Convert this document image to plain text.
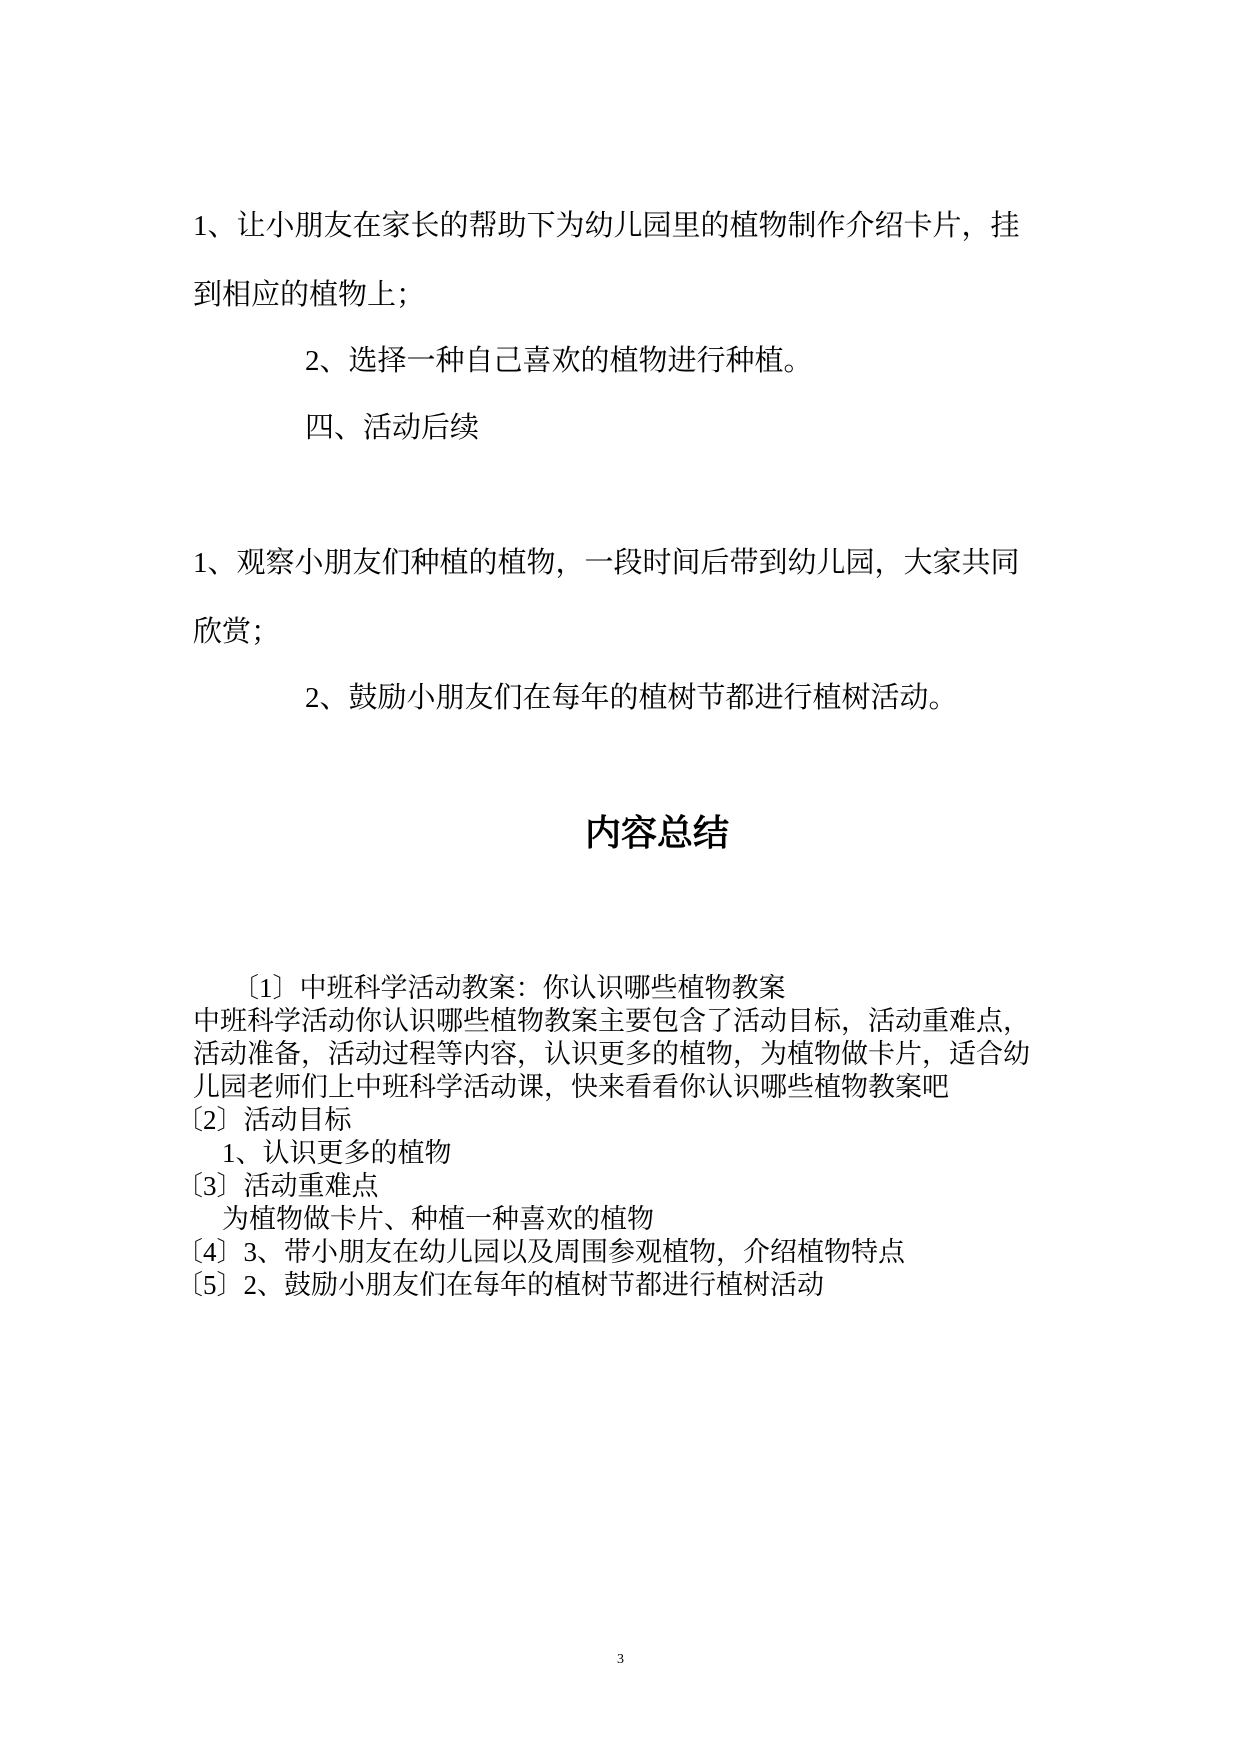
1、让小朋友在家长的帮助下为幼儿园里的植物制作介绍卡片，挂

到相应的植物上；

2、选择一种自己喜欢的植物进行种植。

四、活动后续

1、观察小朋友们种植的植物，一段时间后带到幼儿园，大家共同

欣赏；

2、鼓励小朋友们在每年的植树节都进行植树活动。

内容总结

〔1〕中班科学活动教案：你认识哪些植物教案

中班科学活动你认识哪些植物教案主要包含了活动目标，活动重难点，

活动准备，活动过程等内容，认识更多的植物，为植物做卡片，适合幼

儿园老师们上中班科学活动课，快来看看你认识哪些植物教案吧

〔2〕活动目标

1、认识更多的植物

〔3〕活动重难点

为植物做卡片、种植一种喜欢的植物

〔4〕3、带小朋友在幼儿园以及周围参观植物，介绍植物特点

〔5〕2、鼓励小朋友们在每年的植树节都进行植树活动

3
